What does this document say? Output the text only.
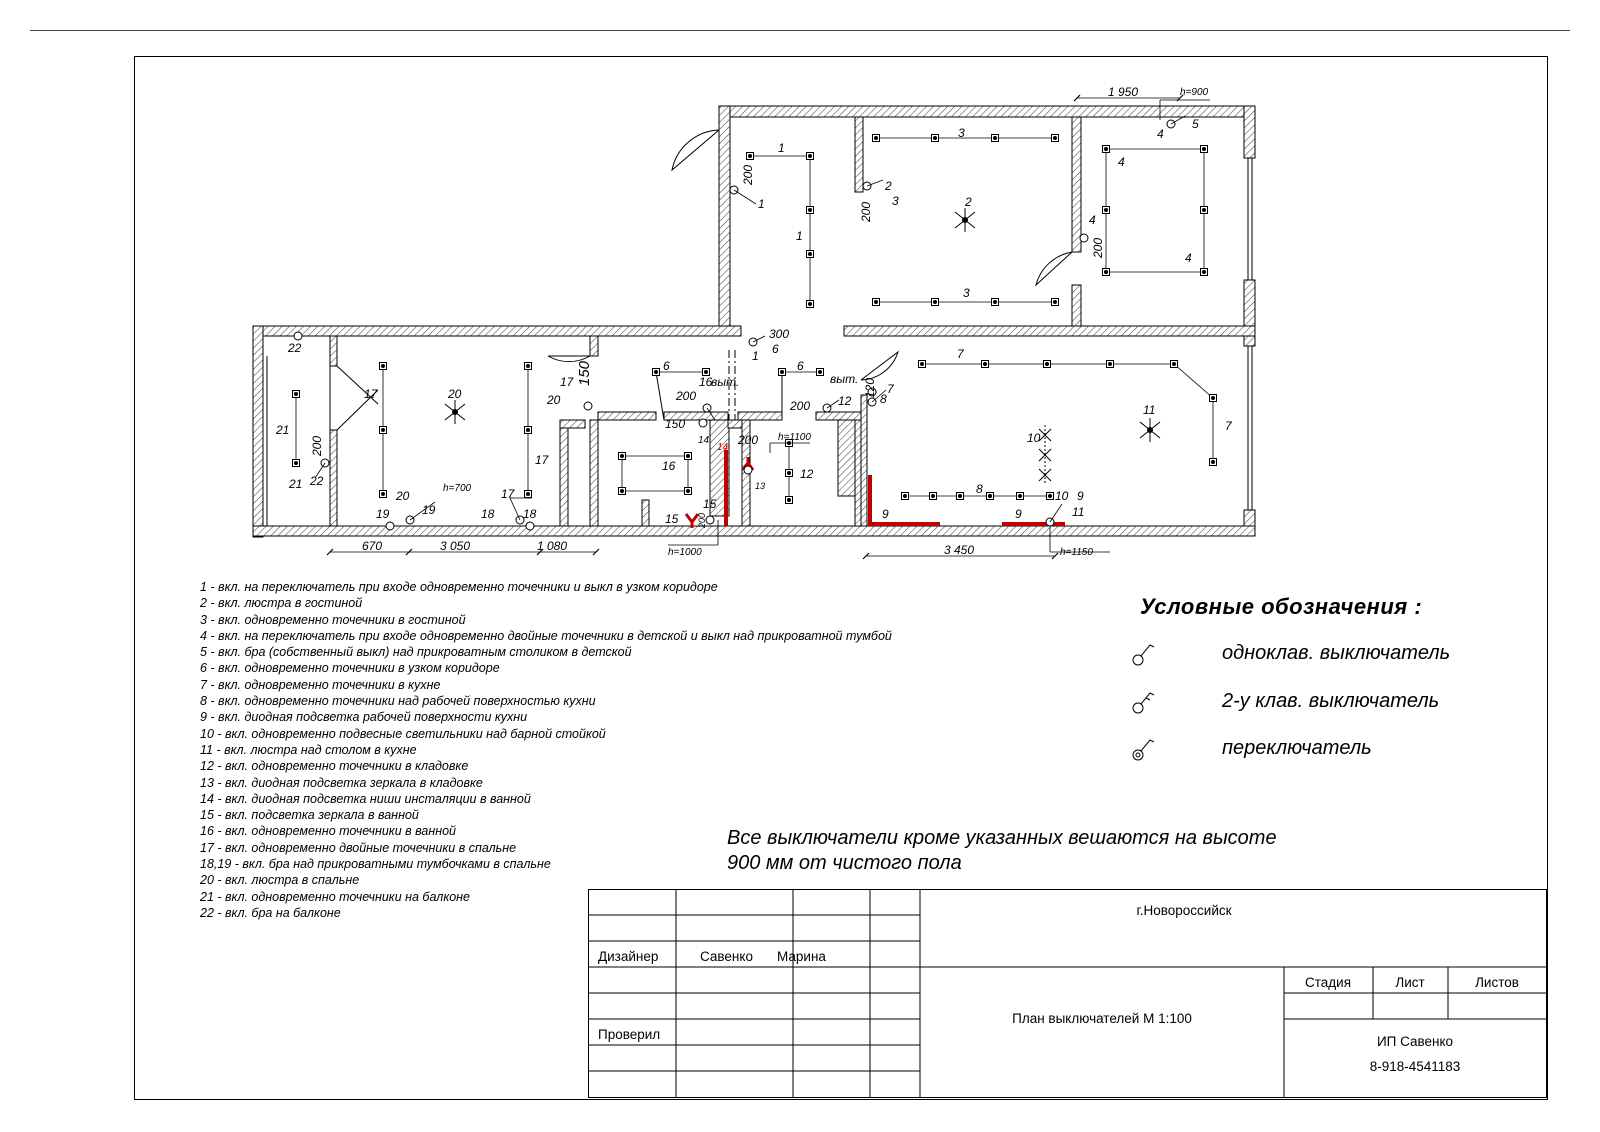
1 950
670	3 050	1 080	3 450
h=900
h=700
h=1100
h=1000	h=1150
200
200
200
200
300
150
150
200
200
200
200
120
1
1
1
1
2
2
3
3
3
4
4
4
4
5
6
6	6
7
7
7
8
8
9	9
9
10
10
11
11
12
12
13
14
14
15
15
16
16
17
17
17
17
18 18
19
19
20	20
20
21
21
22
22
выт.	выт.
1 - вкл. на переключатель при входе одновременно точечники и выкл в узком коридоре
2 - вкл. люстра в гостиной
3 - вкл. одновременно точечники в гостиной
4 - вкл. на переключатель при входе одновременно двойные точечники в детской и выкл над прикроватной тумбой
5 - вкл. бра (собственный выкл) над прикроватным столиком в детской
6 - вкл. одновременно точечники в узком коридоре
7 - вкл. одновременно точечники в кухне
8 - вкл. одновременно точечники над рабочей поверхностью кухни
9 - вкл. диодная подсветка рабочей поверхности кухни
10 - вкл. одновременно подвесные светильники над барной стойкой
11 - вкл. люстра над столом в кухне
12 - вкл. одновременно точечники в кладовке
13 - вкл. диодная подсветка зеркала в кладовке
14 - вкл. диодная подсветка ниши инсталяции в ванной
15 - вкл. подсветка зеркала в ванной
16 - вкл. одновременно точечники в ванной
17 - вкл. одновременно двойные точечники в спальне
18,19 - вкл. бра над прикроватными тумбочками в спальне
20 - вкл. люстра в спальне
21 - вкл. одновременно точечники на балконе
22 - вкл. бра на балконе
Условные обозначения :
одноклав. выключатель
2-у клав. выключатель
переключатель
Все выключатели кроме указанных вешаются на высоте
900 мм от чистого пола
г.Новороссийск
Дизайнер	Савенко Марина
Проверил
План выключателей М 1:100
Стадия	Лист	Листов
ИП Савенко
8-918-4541183
